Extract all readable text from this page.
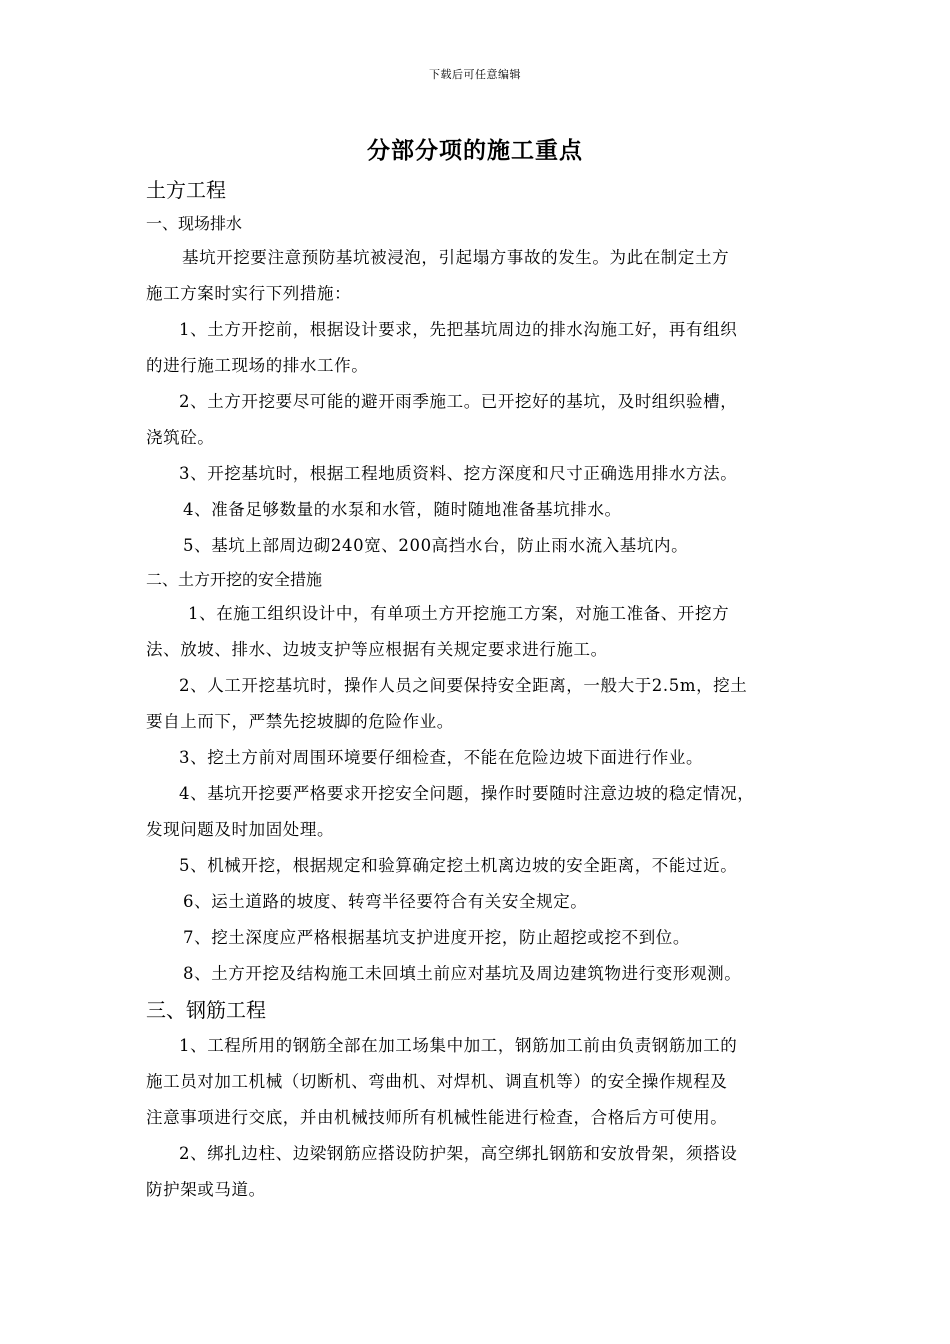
下载后可任意编辑
分部分项的施工重点
土方工程
一、现场排水
基坑开挖要注意预防基坑被浸泡，引起塌方事故的发生。为此在制定土方
施工方案时实行下列措施：
1、土方开挖前，根据设计要求，先把基坑周边的排水沟施工好，再有组织
的进行施工现场的排水工作。
2、土方开挖要尽可能的避开雨季施工。已开挖好的基坑，及时组织验槽，
浇筑砼。
3、开挖基坑时，根据工程地质资料、挖方深度和尺寸正确选用排水方法。
4、准备足够数量的水泵和水管，随时随地准备基坑排水。
5、基坑上部周边砌240宽、200高挡水台，防止雨水流入基坑内。
二、土方开挖的安全措施
1、在施工组织设计中，有单项土方开挖施工方案，对施工准备、开挖方
法、放坡、排水、边坡支护等应根据有关规定要求进行施工。
2、人工开挖基坑时，操作人员之间要保持安全距离，一般大于2.5m，挖土
要自上而下，严禁先挖坡脚的危险作业。
3、挖土方前对周围环境要仔细检查，不能在危险边坡下面进行作业。
4、基坑开挖要严格要求开挖安全问题，操作时要随时注意边坡的稳定情况，
发现问题及时加固处理。
5、机械开挖，根据规定和验算确定挖土机离边坡的安全距离，不能过近。
6、运土道路的坡度、转弯半径要符合有关安全规定。
7、挖土深度应严格根据基坑支护进度开挖，防止超挖或挖不到位。
8、土方开挖及结构施工未回填土前应对基坑及周边建筑物进行变形观测。
三、钢筋工程
1、工程所用的钢筋全部在加工场集中加工，钢筋加工前由负责钢筋加工的
施工员对加工机械（切断机、弯曲机、对焊机、调直机等）的安全操作规程及
注意事项进行交底，并由机械技师所有机械性能进行检查，合格后方可使用。
2、绑扎边柱、边梁钢筋应搭设防护架，高空绑扎钢筋和安放骨架，须搭设
防护架或马道。
